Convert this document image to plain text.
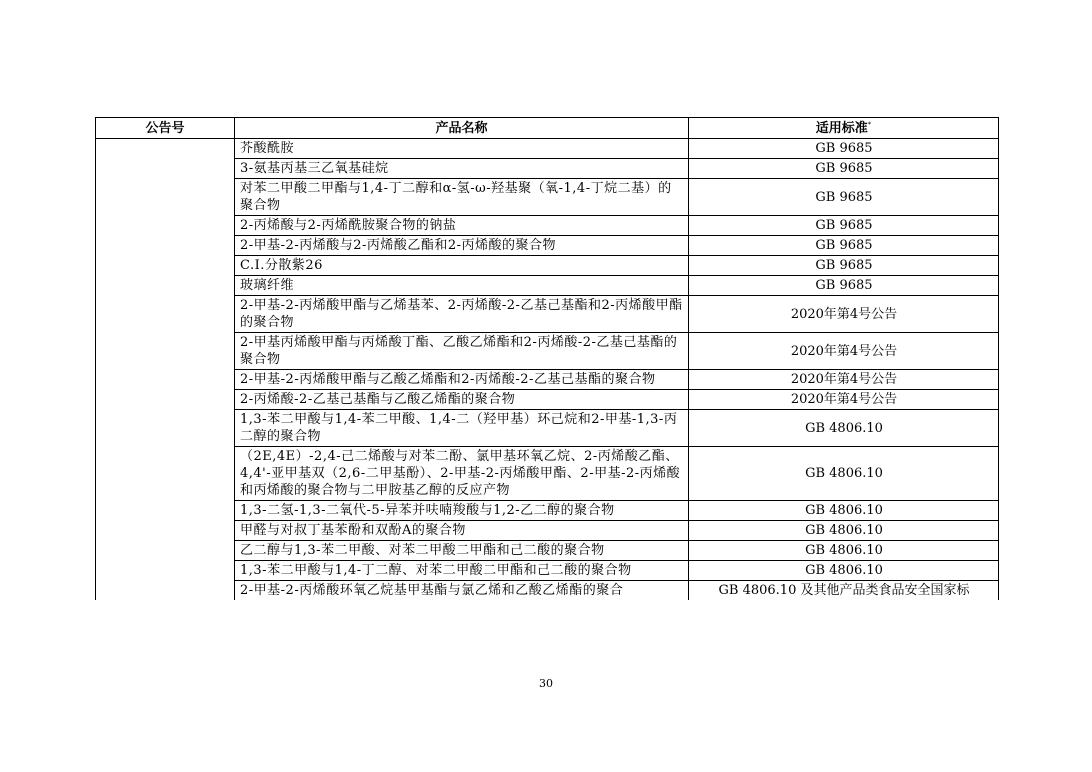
公告号	产品名称	适用标准*
	芥酸酰胺	GB 9685
	3-氨基丙基三乙氧基硅烷	GB 9685
	对苯二甲酸二甲酯与1,4-丁二醇和α-氢-ω-羟基聚（氧-1,4-丁烷二基）的聚合物	GB 9685
	2-丙烯酸与2-丙烯酰胺聚合物的钠盐	GB 9685
	2-甲基-2-丙烯酸与2-丙烯酸乙酯和2-丙烯酸的聚合物	GB 9685
	C.I.分散紫26	GB 9685
	玻璃纤维	GB 9685
	2-甲基-2-丙烯酸甲酯与乙烯基苯、2-丙烯酸-2-乙基己基酯和2-丙烯酸甲酯的聚合物	2020年第4号公告
	2-甲基丙烯酸甲酯与丙烯酸丁酯、乙酸乙烯酯和2-丙烯酸-2-乙基己基酯的聚合物	2020年第4号公告
	2-甲基-2-丙烯酸甲酯与乙酸乙烯酯和2-丙烯酸-2-乙基己基酯的聚合物	2020年第4号公告
	2-丙烯酸-2-乙基己基酯与乙酸乙烯酯的聚合物	2020年第4号公告
	1,3-苯二甲酸与1,4-苯二甲酸、1,4-二（羟甲基）环己烷和2-甲基-1,3-丙二醇的聚合物	GB 4806.10
	（2E,4E）-2,4-己二烯酸与对苯二酚、氯甲基环氧乙烷、2-丙烯酸乙酯、4,4'-亚甲基双（2,6-二甲基酚）、2-甲基-2-丙烯酸甲酯、2-甲基-2-丙烯酸和丙烯酸的聚合物与二甲胺基乙醇的反应产物	GB 4806.10
	1,3-二氢-1,3-二氧代-5-异苯并呋喃羧酸与1,2-乙二醇的聚合物	GB 4806.10
	甲醛与对叔丁基苯酚和双酚A的聚合物	GB 4806.10
	乙二醇与1,3-苯二甲酸、对苯二甲酸二甲酯和己二酸的聚合物	GB 4806.10
	1,3-苯二甲酸与1,4-丁二醇、对苯二甲酸二甲酯和己二酸的聚合物	GB 4806.10
	2-甲基-2-丙烯酸环氧乙烷基甲基酯与氯乙烯和乙酸乙烯酯的聚合	GB 4806.10 及其他产品类食品安全国家标
30
